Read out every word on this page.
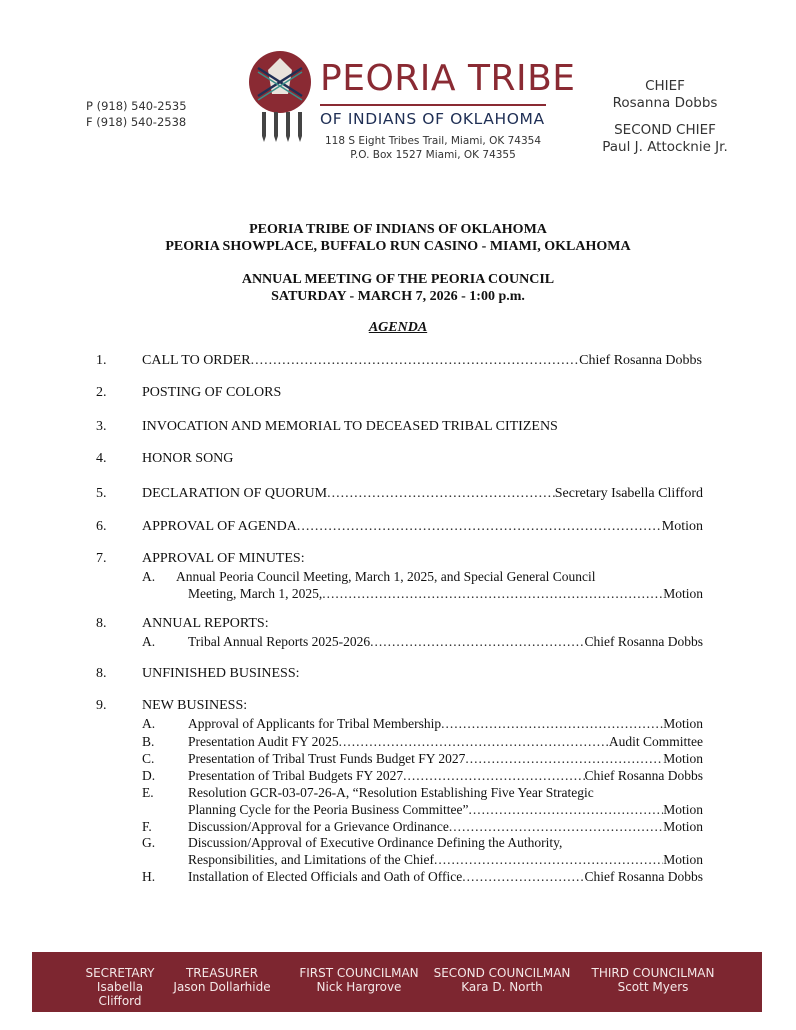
P (918) 540-2535
F (918) 540-2538
PEORIA TRIBE
OF INDIANS OF OKLAHOMA
118 S Eight Tribes Trail, Miami, OK 74354
P.O. Box 1527 Miami, OK 74355
CHIEF
Rosanna Dobbs
SECOND CHIEF
Paul J. Attocknie Jr.
PEORIA TRIBE OF INDIANS OF OKLAHOMA
PEORIA SHOWPLACE, BUFFALO RUN CASINO - MIAMI, OKLAHOMA
ANNUAL MEETING OF THE PEORIA COUNCIL
SATURDAY - MARCH 7, 2026 - 1:00 p.m.
AGENDA
1.	CALL TO ORDER .....	Chief Rosanna Dobbs
2.	POSTING OF COLORS
3.	INVOCATION AND MEMORIAL TO DECEASED TRIBAL CITIZENS
4.	HONOR SONG
5.	DECLARATION OF QUORUM .....	Secretary Isabella Clifford
6.	APPROVAL OF AGENDA .....	Motion
7.	APPROVAL OF MINUTES:
A. Annual Peoria Council Meeting, March 1, 2025, and Special General Council
Meeting, March 1, 2025, .....	Motion
8.	ANNUAL REPORTS:
A. Tribal Annual Reports 2025-2026 .....	Chief Rosanna Dobbs
8.	UNFINISHED BUSINESS:
9.	NEW BUSINESS:
A. Approval of Applicants for Tribal Membership .....	Motion
B. Presentation Audit FY 2025 .....	Audit Committee
C. Presentation of Tribal Trust Funds Budget FY 2027 .....	Motion
D. Presentation of Tribal Budgets FY 2027 .....	Chief Rosanna Dobbs
E.	Resolution GCR-03-07-26-A, “Resolution Establishing Five Year Strategic
Planning Cycle for the Peoria Business Committee” .....	Motion
F.	Discussion/Approval for a Grievance Ordinance .....	Motion
G. Discussion/Approval of Executive Ordinance Defining the Authority,
Responsibilities, and Limitations of the Chief .....	Motion
H. Installation of Elected Officials and Oath of Office .....	Chief Rosanna Dobbs
SECRETARY
Isabella Clifford
TREASURER
Jason Dollarhide
FIRST COUNCILMAN
Nick Hargrove
SECOND COUNCILMAN
Kara D. North
THIRD COUNCILMAN
Scott Myers
